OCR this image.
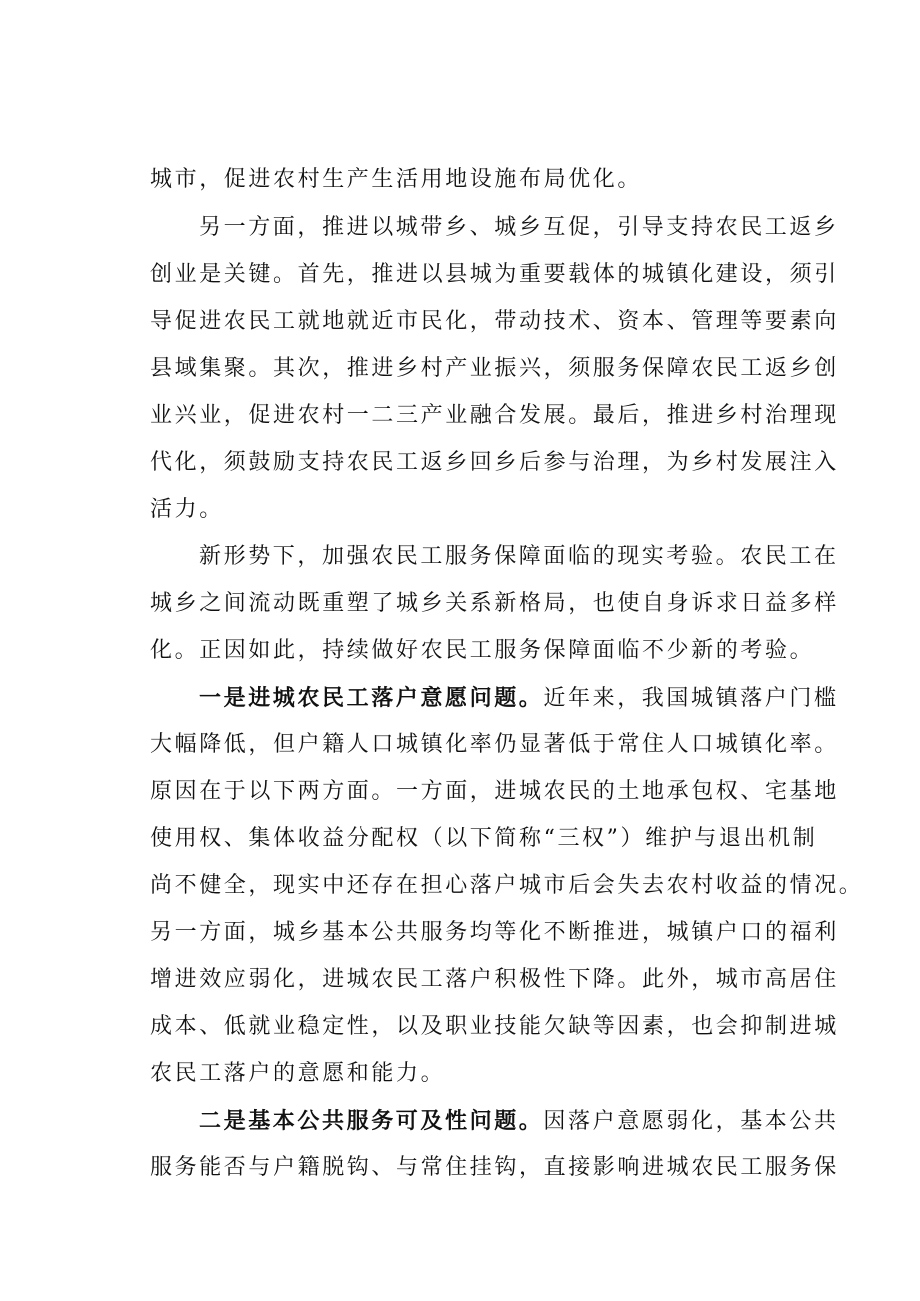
城市，促进农村生产生活用地设施布局优化。
另一方面，推进以城带乡、城乡互促，引导支持农民工返乡
创业是关键。首先，推进以县城为重要载体的城镇化建设，须引
导促进农民工就地就近市民化，带动技术、资本、管理等要素向
县域集聚。其次，推进乡村产业振兴，须服务保障农民工返乡创
业兴业，促进农村一二三产业融合发展。最后，推进乡村治理现
代化，须鼓励支持农民工返乡回乡后参与治理，为乡村发展注入
活力。
新形势下，加强农民工服务保障面临的现实考验。农民工在
城乡之间流动既重塑了城乡关系新格局，也使自身诉求日益多样
化。正因如此，持续做好农民工服务保障面临不少新的考验。
一是进城农民工落户意愿问题。近年来，我国城镇落户门槛
大幅降低，但户籍人口城镇化率仍显著低于常住人口城镇化率。
原因在于以下两方面。一方面，进城农民的土地承包权、宅基地
使用权、集体收益分配权（以下简称“三权”）维护与退出机制
尚不健全，现实中还存在担心落户城市后会失去农村收益的情况。
另一方面，城乡基本公共服务均等化不断推进，城镇户口的福利
增进效应弱化，进城农民工落户积极性下降。此外，城市高居住
成本、低就业稳定性，以及职业技能欠缺等因素，也会抑制进城
农民工落户的意愿和能力。
二是基本公共服务可及性问题。因落户意愿弱化，基本公共
服务能否与户籍脱钩、与常住挂钩，直接影响进城农民工服务保
